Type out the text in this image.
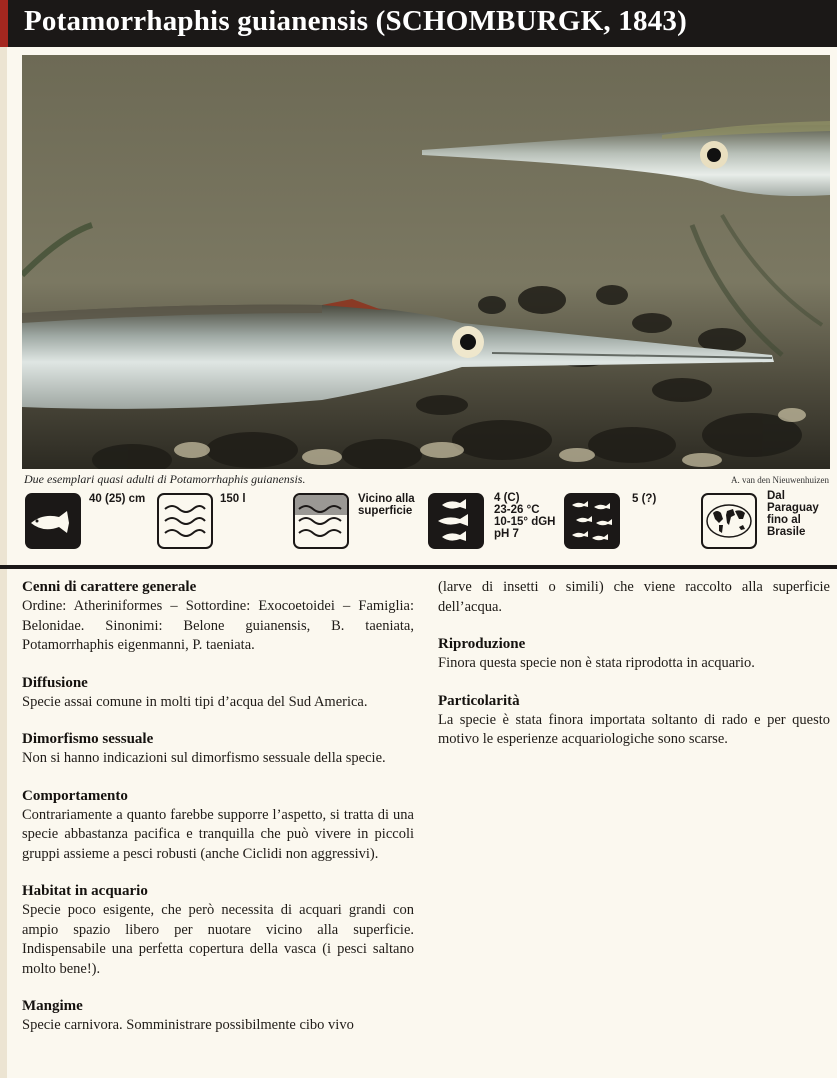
Potamorrhaphis guianensis (SCHOMBURGK, 1843)
Due esemplari quasi adulti di Potamorrhaphis guianensis.	A. van den Nieuwenhuizen
40 (25) cm	150 l	Vicino alla
superficie
4 (C)
23-26 °C
10-15° dGH
pH 7
5 (?)	Dal
Paraguay
fino al
Brasile
Cenni di carattere generale

Ordine: Atheriniformes – Sottordine: Exocoetoidei – Famiglia: Belonidae. Sinonimi: Belone guianensis, B. taeniata, Potamorrhaphis eigenmanni, P. taeniata.

Diffusione

Specie assai comune in molti tipi d’acqua del Sud America.

Dimorfismo sessuale

Non si hanno indicazioni sul dimorfismo sessuale della specie.

Comportamento

Contrariamente a quanto farebbe supporre l’aspetto, si tratta di una specie abbastanza pacifica e tranquilla che può vivere in piccoli gruppi assieme a pesci robusti (anche Ciclidi non aggressivi).

Habitat in acquario

Specie poco esigente, che però necessita di acquari grandi con ampio spazio libero per nuotare vicino alla superficie. Indispensabile una perfetta copertura della vasca (i pesci saltano molto bene!).

Mangime

Specie carnivora. Somministrare possibilmente cibo vivo

(larve di insetti o simili) che viene raccolto alla superficie dell’acqua.

Riproduzione

Finora questa specie non è stata riprodotta in acquario.

Particolarità

La specie è stata finora importata soltanto di rado e per questo motivo le esperienze acquariologiche sono scarse.
